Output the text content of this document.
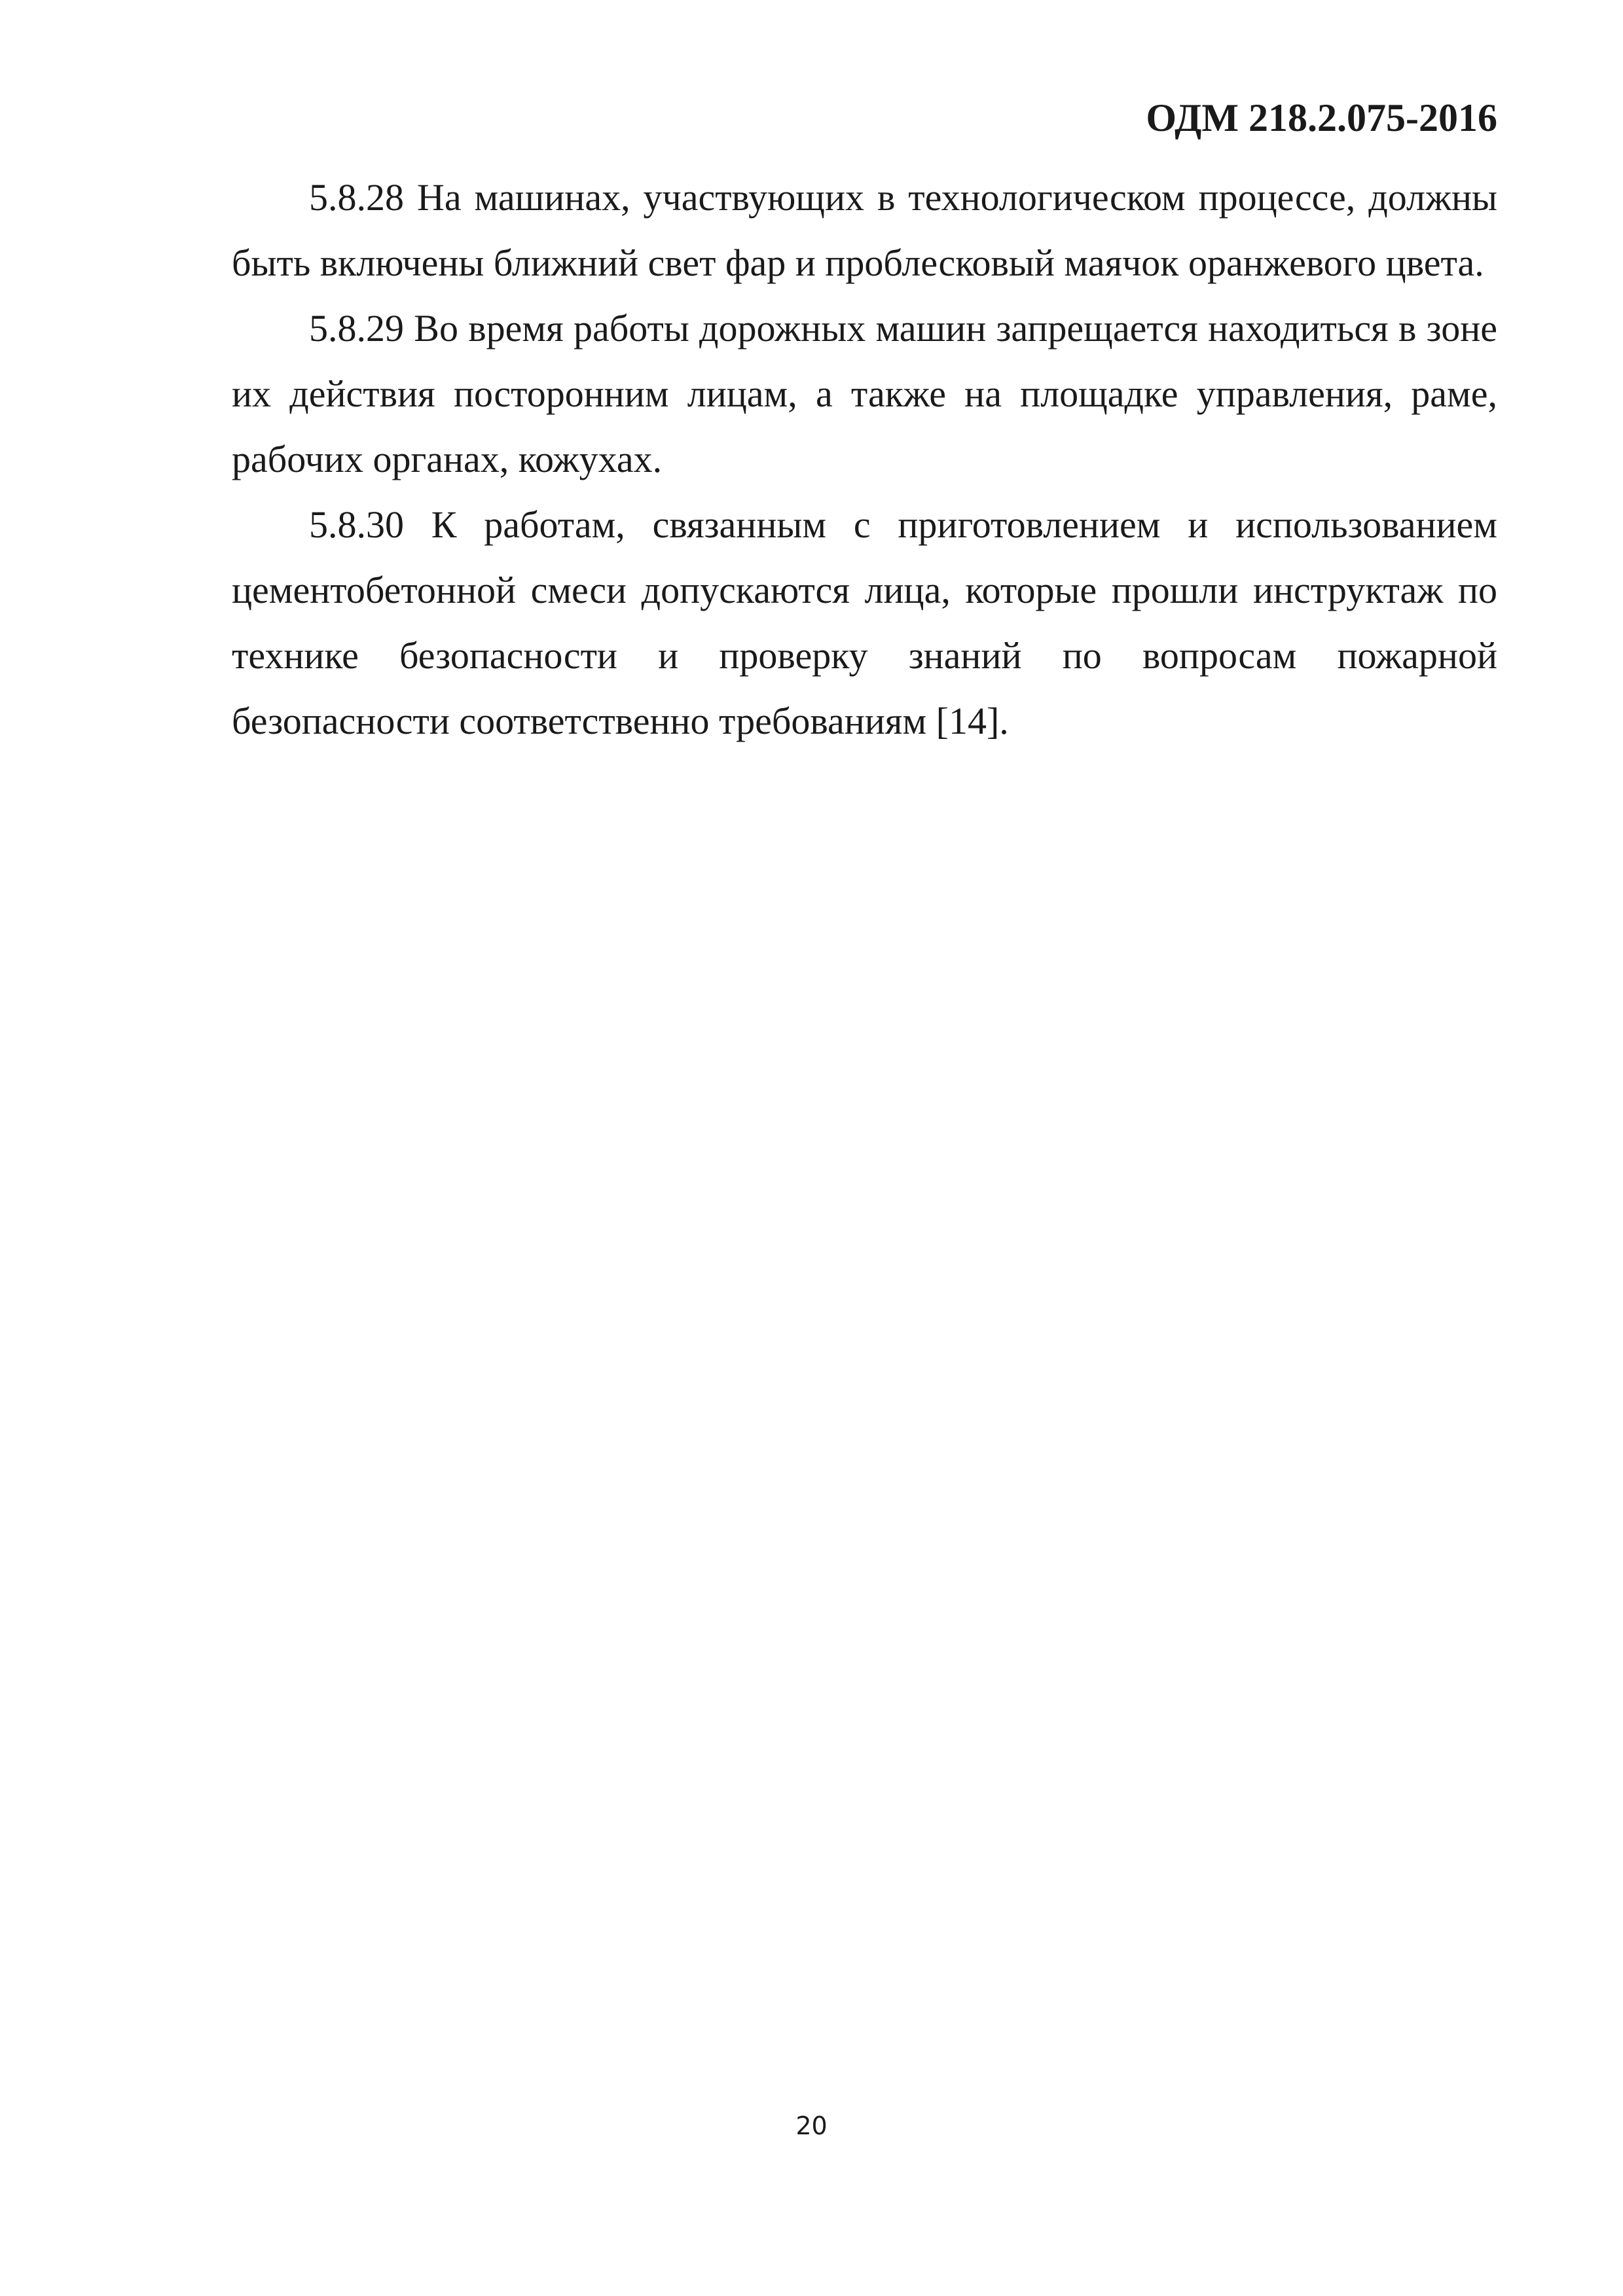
ОДМ 218.2.075-2016

5.8.28 На машинах, участвующих в технологическом процессе, должны быть включены ближний свет фар и проблесковый маячок оранжевого цвета.

5.8.29 Во время работы дорожных машин запрещается находиться в зоне их действия посторонним лицам, а также на площадке управления, раме, рабочих органах, кожухах.

5.8.30 К работам, связанным с приготовлением и использованием цементобетонной смеси допускаются лица, которые прошли инструктаж по технике безопасности и проверку знаний по вопросам пожарной безопасности соответственно требованиям [14].

20
